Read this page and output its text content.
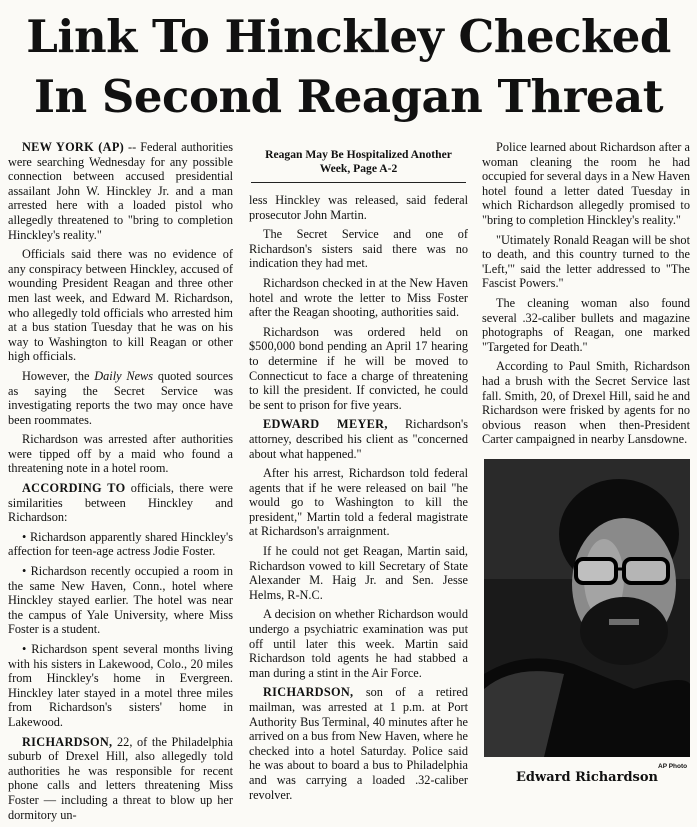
Link To Hinckley Checked
In Second Reagan Threat

NEW YORK (AP) -- Federal authorities were searching Wednesday for any possible connection between accused presidential assailant John W. Hinckley Jr. and a man arrested here with a loaded pistol who allegedly threatened to "bring to completion Hinckley's reality."

Officials said there was no evidence of any conspiracy between Hinckley, accused of wounding President Reagan and three other men last week, and Edward M. Richardson, who allegedly told officials who arrested him at a bus station Tuesday that he was on his way to Washington to kill Reagan or other high officials.

However, the Daily News quoted sources as saying the Secret Service was investigating reports the two may once have been roommates.

Richardson was arrested after authorities were tipped off by a maid who found a threatening note in a hotel room.

ACCORDING TO officials, there were similarities between Hinckley and Richardson:

• Richardson apparently shared Hinckley's affection for teen-age actress Jodie Foster.

• Richardson recently occupied a room in the same New Haven, Conn., hotel where Hinckley stayed earlier. The hotel was near the campus of Yale University, where Miss Foster is a student.

• Richardson spent several months living with his sisters in Lakewood, Colo., 20 miles from Hinckley's home in Evergreen. Hinckley later stayed in a motel three miles from Richardson's sisters' home in Lakewood.

RICHARDSON, 22, of the Philadelphia suburb of Drexel Hill, also allegedly told authorities he was responsible for recent phone calls and letters threatening Miss Foster — including a threat to blow up her dormitory un-

Reagan May Be Hospitalized Another Week, Page A-2

less Hinckley was released, said federal prosecutor John Martin.

The Secret Service and one of Richardson's sisters said there was no indication they had met.

Richardson checked in at the New Haven hotel and wrote the letter to Miss Foster after the Reagan shooting, authorities said.

Richardson was ordered held on $500,000 bond pending an April 17 hearing to determine if he will be moved to Connecticut to face a charge of threatening to kill the president. If convicted, he could be sent to prison for five years.

EDWARD MEYER, Richardson's attorney, described his client as "concerned about what happened."

After his arrest, Richardson told federal agents that if he were released on bail "he would go to Washington to kill the president," Martin told a federal magistrate at Richardson's arraignment.

If he could not get Reagan, Martin said, Richardson vowed to kill Secretary of State Alexander M. Haig Jr. and Sen. Jesse Helms, R-N.C.

A decision on whether Richardson would undergo a psychiatric examination was put off until later this week. Martin said Richardson told agents he had stabbed a man during a stint in the Air Force.

RICHARDSON, son of a retired mailman, was arrested at 1 p.m. at Port Authority Bus Terminal, 40 minutes after he arrived on a bus from New Haven, where he checked into a hotel Saturday. Police said he was about to board a bus to Philadelphia and was carrying a loaded .32-caliber revolver.

Police learned about Richardson after a woman cleaning the room he had occupied for several days in a New Haven hotel found a letter dated Tuesday in which Richardson allegedly promised to "bring to completion Hinckley's reality."

"Utimately Ronald Reagan will be shot to death, and this country turned to the 'Left,'" said the letter addressed to "The Fascist Powers."

The cleaning woman also found several .32-caliber bullets and magazine photographs of Reagan, one marked "Targeted for Death."

According to Paul Smith, Richardson had a brush with the Secret Service last fall. Smith, 20, of Drexel Hill, said he and Richardson were frisked by agents for no obvious reason when then-President Carter campaigned in nearby Lansdowne.

AP Photo
Edward Richardson
